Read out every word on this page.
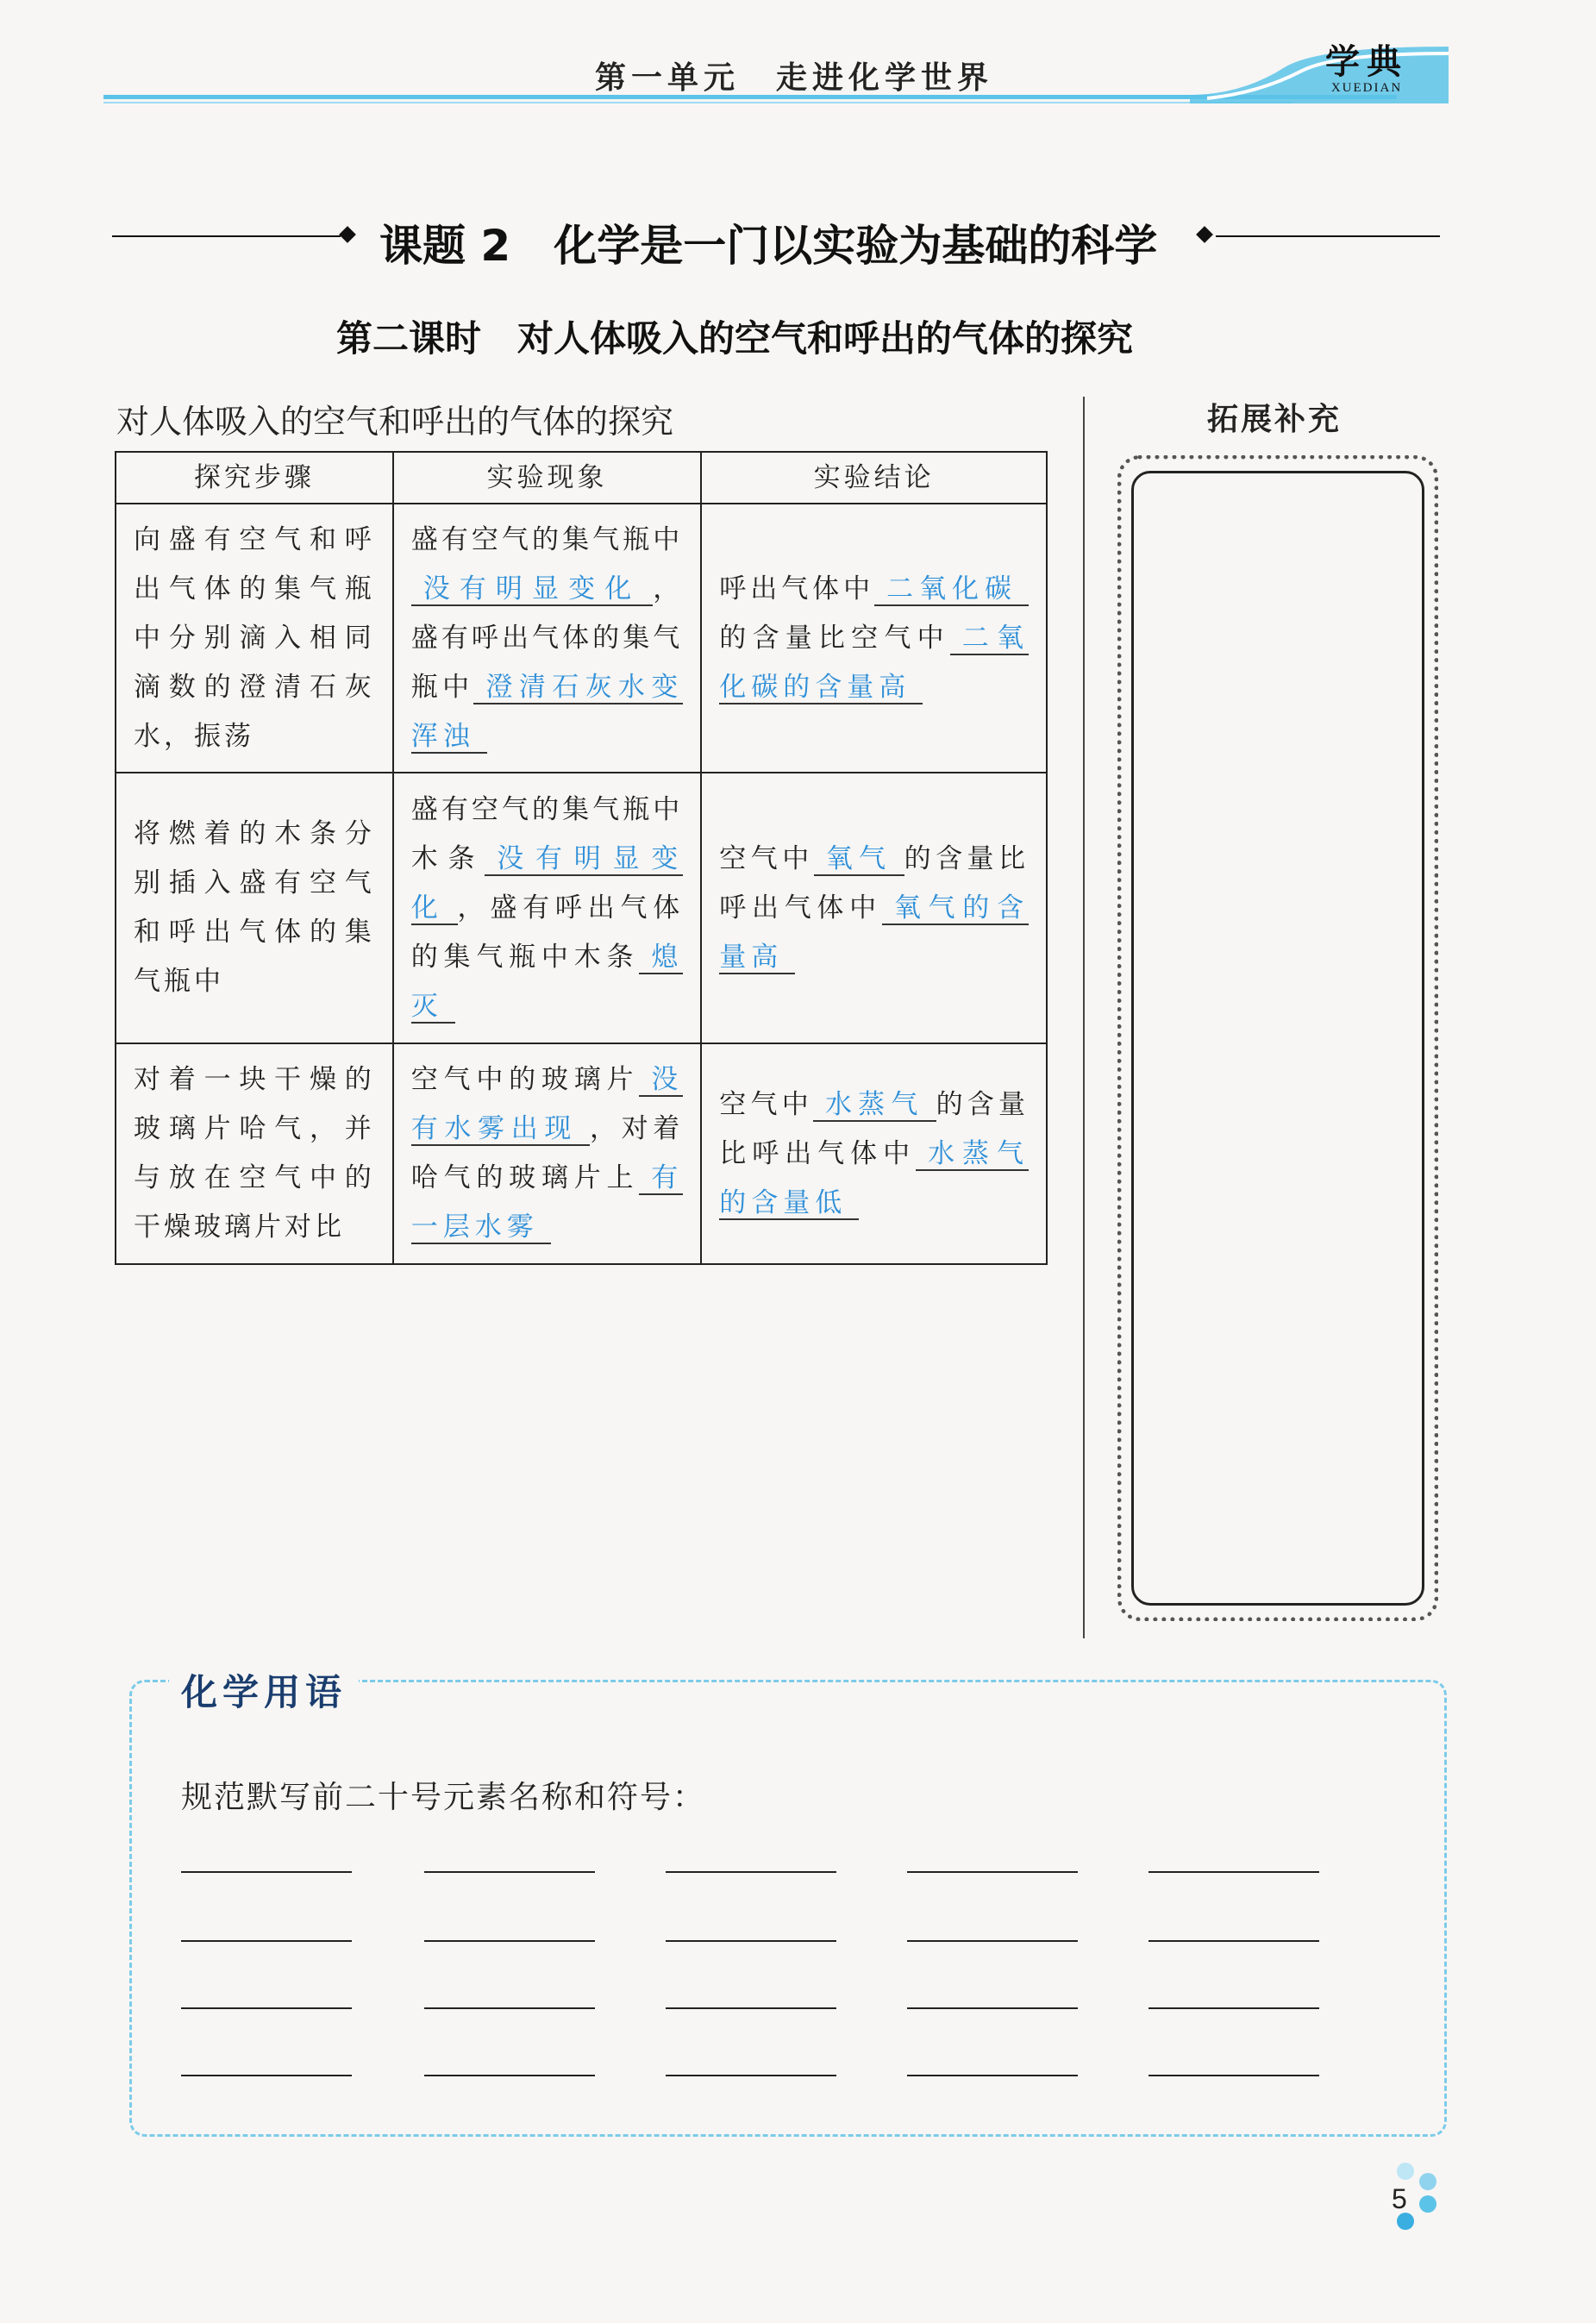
学典
XUEDIAN
第一单元　走进化学世界
课题 2　化学是一门以实验为基础的科学
第二课时　对人体吸入的空气和呼出的气体的探究
对人体吸入的空气和呼出的气体的探究
探究步骤	实验现象	实验结论
向盛有空气和呼出气体的集气瓶中分别滴入相同滴数的澄清石灰水，振荡	盛有空气的集气瓶中没有明显变化 ，盛有呼出气体的集气瓶中 澄清石灰水变浑浊	呼出气体中 二氧化碳的含量比空气中 二氧化碳的含量高
将燃着的木条分别插入盛有空气和呼出气体的集气瓶中	盛有空气的集气瓶中木条 没有明显变化 ，盛有呼出气体的集气瓶中木条 熄灭	空气中 氧气 的含量比呼出气体中 氧气的含量高
对着一块干燥的玻璃片哈气，并与放在空气中的干燥玻璃片对比	空气中的玻璃片 没有水雾出现 ，对着哈气的玻璃片上 有一层水雾	空气中 水蒸气 的含量比呼出气体中 水蒸气的含量低
拓展补充
化学用语
规范默写前二十号元素名称和符号：
5
